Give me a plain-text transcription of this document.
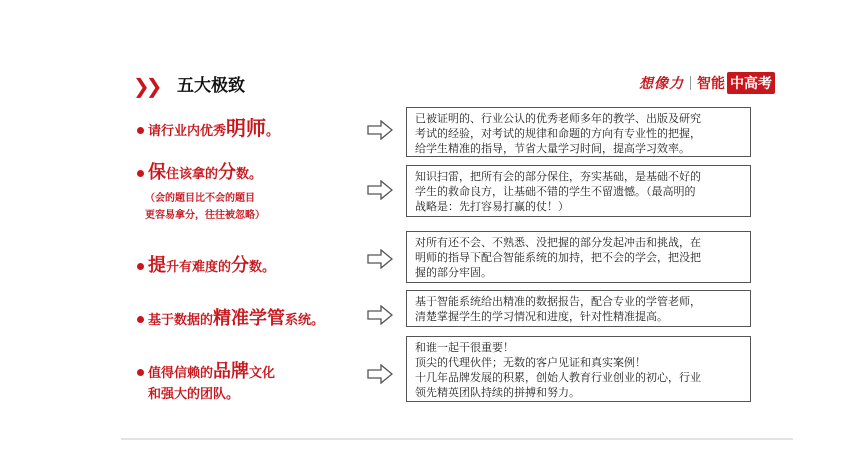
❯❯ 五大极致	想像力 智能 中高考
请行业内优秀明师。
已被证明的、行业公认的优秀老师多年的教学、出版及研究
考试的经验，对考试的规律和命题的方向有专业性的把握，
给学生精准的指导，节省大量学习时间，提高学习效率。
保住该拿的分数。
（会的题目比不会的题目
更容易拿分，往往被忽略）
知识扫雷，把所有会的部分保住，夯实基础，是基础不好的
学生的救命良方，让基础不错的学生不留遗憾。（最高明的
战略是：先打容易打赢的仗！）
提升有难度的分数。
对所有还不会、不熟悉、没把握的部分发起冲击和挑战，在
明师的指导下配合智能系统的加持，把不会的学会，把没把
握的部分牢固。
基于数据的精准学管系统。
基于智能系统给出精准的数据报告，配合专业的学管老师，
清楚掌握学生的学习情况和进度，针对性精准提高。
值得信赖的品牌文化
和强大的团队。
和谁一起干很重要！
顶尖的代理伙伴；无数的客户见证和真实案例！
十几年品牌发展的积累，创始人教育行业创业的初心，行业
领先精英团队持续的拼搏和努力。
